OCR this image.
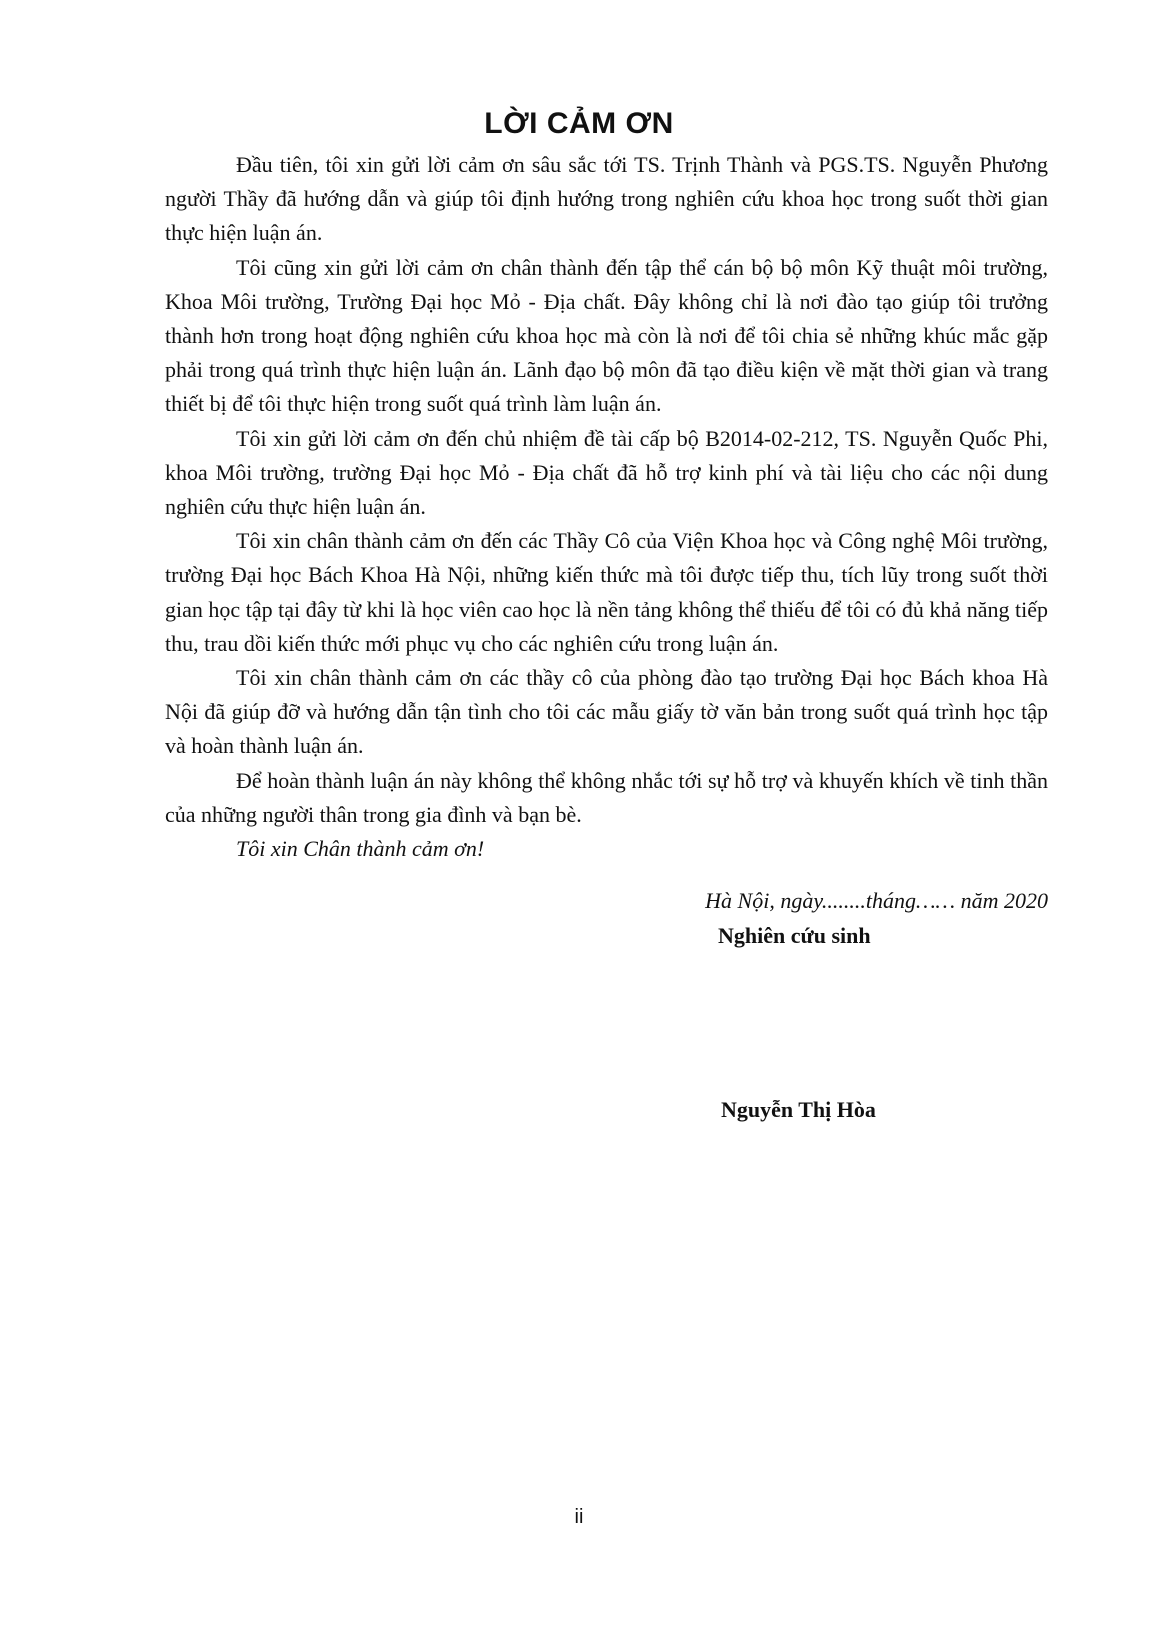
LỜI CẢM ƠN

Đầu tiên, tôi xin gửi lời cảm ơn sâu sắc tới TS. Trịnh Thành và PGS.TS. Nguyễn Phương người Thầy đã hướng dẫn và giúp tôi định hướng trong nghiên cứu khoa học trong suốt thời gian thực hiện luận án.

Tôi cũng xin gửi lời cảm ơn chân thành đến tập thể cán bộ bộ môn Kỹ thuật môi trường, Khoa Môi trường, Trường Đại học Mỏ - Địa chất. Đây không chỉ là nơi đào tạo giúp tôi trưởng thành hơn trong hoạt động nghiên cứu khoa học mà còn là nơi để tôi chia sẻ những khúc mắc gặp phải trong quá trình thực hiện luận án. Lãnh đạo bộ môn đã tạo điều kiện về mặt thời gian và trang thiết bị để tôi thực hiện trong suốt quá trình làm luận án.

Tôi xin gửi lời cảm ơn đến chủ nhiệm đề tài cấp bộ B2014-02-212, TS. Nguyễn Quốc Phi, khoa Môi trường, trường Đại học Mỏ - Địa chất đã hỗ trợ kinh phí và tài liệu cho các nội dung nghiên cứu thực hiện luận án.

Tôi xin chân thành cảm ơn đến các Thầy Cô của Viện Khoa học và Công nghệ Môi trường, trường Đại học Bách Khoa Hà Nội, những kiến thức mà tôi được tiếp thu, tích lũy trong suốt thời gian học tập tại đây từ khi là học viên cao học là nền tảng không thể thiếu để tôi có đủ khả năng tiếp thu, trau dồi kiến thức mới phục vụ cho các nghiên cứu trong luận án.

Tôi xin chân thành cảm ơn các thầy cô của phòng đào tạo trường Đại học Bách khoa Hà Nội đã giúp đỡ và hướng dẫn tận tình cho tôi các mẫu giấy tờ văn bản trong suốt quá trình học tập và hoàn thành luận án.

Để hoàn thành luận án này không thể không nhắc tới sự hỗ trợ và khuyến khích về tinh thần của những người thân trong gia đình và bạn bè.

Tôi xin Chân thành cảm ơn!

Hà Nội, ngày........tháng…… năm 2020
Nghiên cứu sinh
Nguyễn Thị Hòa
ii
